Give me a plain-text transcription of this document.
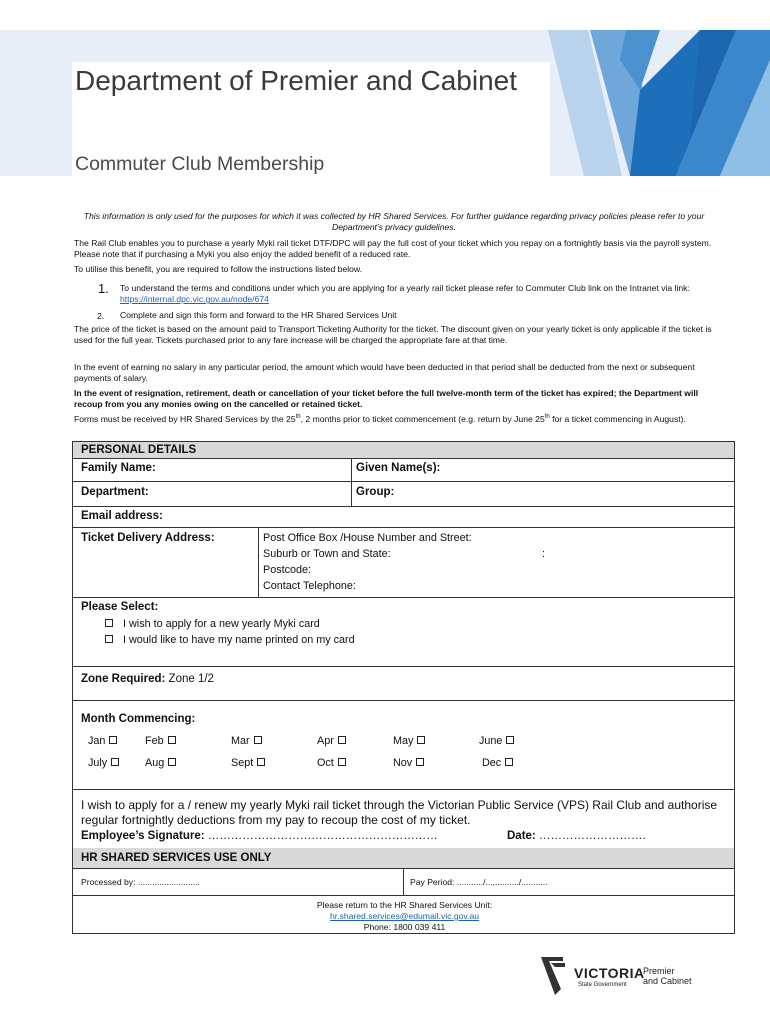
Department of Premier and Cabinet
Commuter Club Membership
This information is only used for the purposes for which it was collected by HR Shared Services. For further guidance regarding privacy policies please refer to your Department's privacy guidelines.
The Rail Club enables you to purchase a yearly Myki rail ticket DTF/DPC will pay the full cost of your ticket which you repay on a fortnightly basis via the payroll system. Please note that if purchasing a Myki you also enjoy the added benefit of a reduced rate.
To utilise this benefit, you are required to follow the instructions listed below.
1. To understand the terms and conditions under which you are applying for a yearly rail ticket please refer to Commuter Club link on the Intranet via link: https://internal.dpc.vic.gov.au/node/674
2. Complete and sign this form and forward to the HR Shared Services Unit
The price of the ticket is based on the amount paid to Transport Ticketing Authority for the ticket. The discount given on your yearly ticket is only applicable if the ticket is used for the full year. Tickets purchased prior to any fare increase will be charged the appropriate fare at that time.
In the event of earning no salary in any particular period, the amount which would have been deducted in that period shall be deducted from the next or subsequent payments of salary.
In the event of resignation, retirement, death or cancellation of your ticket before the full twelve-month term of the ticket has expired; the Department will recoup from you any monies owing on the cancelled or retained ticket.
Forms must be received by HR Shared Services by the 25th, 2 months prior to ticket commencement (e.g. return by June 25th for a ticket commencing in August).
PERSONAL DETAILS
Family Name:	Given Name(s):
Department:	Group:
Email address:
Ticket Delivery Address:	Post Office Box /House Number and Street:
Suburb or Town and State:	:
Postcode:
Contact Telephone:
Please Select:
I wish to apply for a new yearly Myki card
I would like to have my name printed on my card
Zone Required: Zone 1/2
Month Commencing:
Jan	Feb	Mar	Apr	May	June
July	Aug	Sept	Oct	Nov	Dec
I wish to apply for a / renew my yearly Myki rail ticket through the Victorian Public Service (VPS) Rail Club and authorise regular fortnightly deductions from my pay to recoup the cost of my ticket.
Employee’s Signature: ……………………………………………………	Date: ……………………….
HR SHARED SERVICES USE ONLY
Processed by: ..........................	Pay Period: .........../...,........../...........
Please return to the HR Shared Services Unit:
hr.shared.services@edumail.vic.gov.au
Phone: 1800 039 411
VICTORIA
State Government
Premier
and Cabinet
